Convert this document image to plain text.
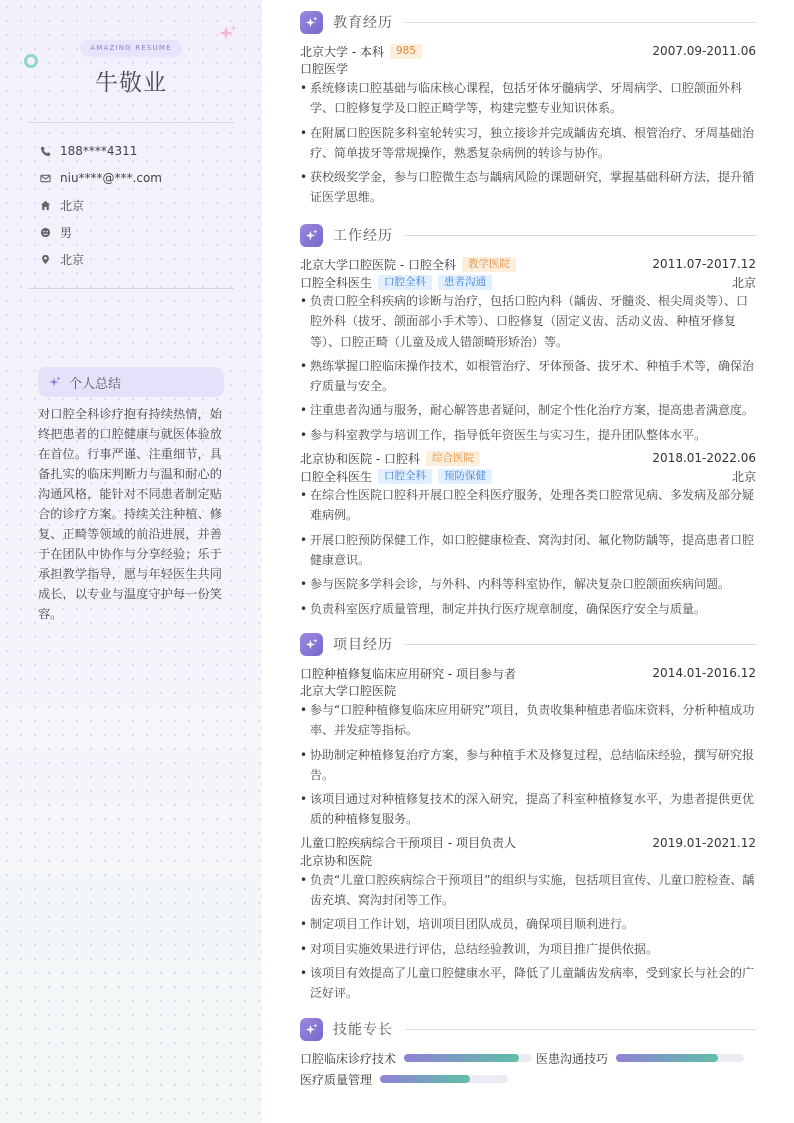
AMAZING RESUME
牛敬业
188****4311
niu****@***.com
北京
男
北京
个人总结
对口腔全科诊疗抱有持续热情，始终把患者的口腔健康与就医体验放在首位。行事严谨、注重细节，具备扎实的临床判断力与温和耐心的沟通风格，能针对不同患者制定贴合的诊疗方案。持续关注种植、修复、正畸等领域的前沿进展，并善于在团队中协作与分享经验；乐于承担教学指导，愿与年轻医生共同成长，以专业与温度守护每一份笑容。
教育经历
北京大学 - 本科	985	2007.09-2011.06
口腔医学
• 系统修读口腔基础与临床核心课程，包括牙体牙髓病学、牙周病学、口腔颌面外科学、口腔修复学及口腔正畸学等，构建完整专业知识体系。
• 在附属口腔医院多科室轮转实习，独立接诊并完成龋齿充填、根管治疗、牙周基础治疗、简单拔牙等常规操作，熟悉复杂病例的转诊与协作。
• 获校级奖学金，参与口腔微生态与龋病风险的课题研究，掌握基础科研方法，提升循证医学思维。
工作经历
北京大学口腔医院 - 口腔全科	教学医院	2011.07-2017.12
口腔全科医生	口腔全科	患者沟通	北京
• 负责口腔全科疾病的诊断与治疗，包括口腔内科（龋齿、牙髓炎、根尖周炎等）、口腔外科（拔牙、颌面部小手术等）、口腔修复（固定义齿、活动义齿、种植牙修复等）、口腔正畸（儿童及成人错颌畸形矫治）等。
• 熟练掌握口腔临床操作技术，如根管治疗、牙体预备、拔牙术、种植手术等，确保治疗质量与安全。
• 注重患者沟通与服务，耐心解答患者疑问，制定个性化治疗方案，提高患者满意度。
• 参与科室教学与培训工作，指导低年资医生与实习生，提升团队整体水平。
北京协和医院 - 口腔科	综合医院	2018.01-2022.06
口腔全科医生	口腔全科	预防保健	北京
• 在综合性医院口腔科开展口腔全科医疗服务，处理各类口腔常见病、多发病及部分疑难病例。
• 开展口腔预防保健工作，如口腔健康检查、窝沟封闭、氟化物防龋等，提高患者口腔健康意识。
• 参与医院多学科会诊，与外科、内科等科室协作，解决复杂口腔颌面疾病问题。
• 负责科室医疗质量管理，制定并执行医疗规章制度，确保医疗安全与质量。
项目经历
口腔种植修复临床应用研究 - 项目参与者	2014.01-2016.12
北京大学口腔医院
• 参与“口腔种植修复临床应用研究”项目，负责收集种植患者临床资料，分析种植成功率、并发症等指标。
• 协助制定种植修复治疗方案，参与种植手术及修复过程，总结临床经验，撰写研究报告。
• 该项目通过对种植修复技术的深入研究，提高了科室种植修复水平，为患者提供更优质的种植修复服务。
儿童口腔疾病综合干预项目 - 项目负责人	2019.01-2021.12
北京协和医院
• 负责“儿童口腔疾病综合干预项目”的组织与实施，包括项目宣传、儿童口腔检查、龋齿充填、窝沟封闭等工作。
• 制定项目工作计划，培训项目团队成员，确保项目顺利进行。
• 对项目实施效果进行评估，总结经验教训，为项目推广提供依据。
• 该项目有效提高了儿童口腔健康水平，降低了儿童龋齿发病率，受到家长与社会的广泛好评。
技能专长
口腔临床诊疗技术	医患沟通技巧
医疗质量管理
